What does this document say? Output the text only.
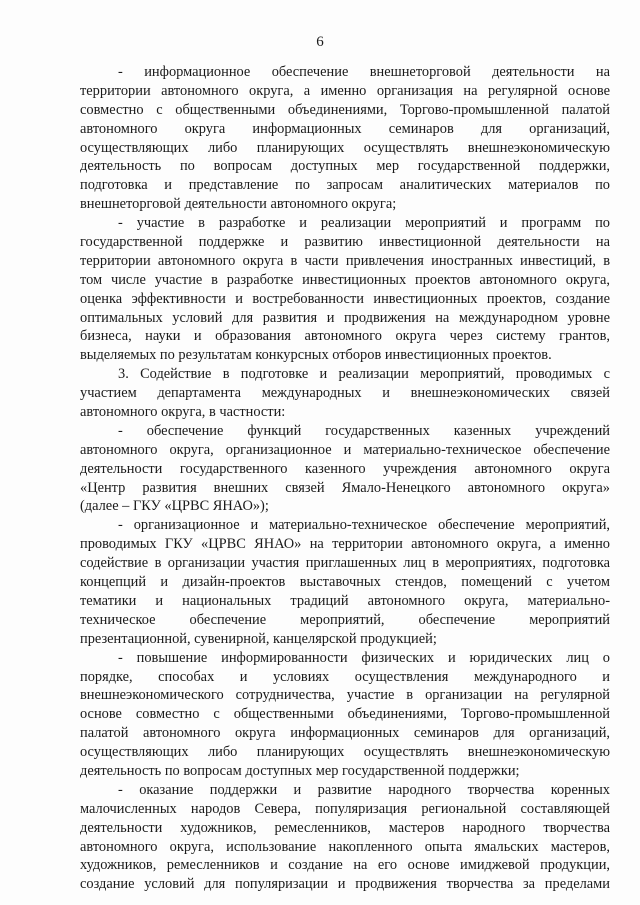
6
- информационное обеспечение внешнеторговой деятельности на
территории автономного округа, а именно организация на регулярной основе
совместно с общественными объединениями, Торгово-промышленной палатой
автономного округа информационных семинаров для организаций,
осуществляющих либо планирующих осуществлять внешнеэкономическую
деятельность по вопросам доступных мер государственной поддержки,
подготовка и представление по запросам аналитических материалов по
внешнеторговой деятельности автономного округа;
- участие в разработке и реализации мероприятий и программ по
государственной поддержке и развитию инвестиционной деятельности на
территории автономного округа в части привлечения иностранных инвестиций, в
том числе участие в разработке инвестиционных проектов автономного округа,
оценка эффективности и востребованности инвестиционных проектов, создание
оптимальных условий для развития и продвижения на международном уровне
бизнеса, науки и образования автономного округа через систему грантов,
выделяемых по результатам конкурсных отборов инвестиционных проектов.
3. Содействие в подготовке и реализации мероприятий, проводимых с
участием департамента международных и внешнеэкономических связей
автономного округа, в частности:
- обеспечение функций государственных казенных учреждений
автономного округа, организационное и материально-техническое обеспечение
деятельности государственного казенного учреждения автономного округа
«Центр развития внешних связей Ямало-Ненецкого автономного округа»
(далее – ГКУ «ЦРВС ЯНАО»);
- организационное и материально-техническое обеспечение мероприятий,
проводимых ГКУ «ЦРВС ЯНАО» на территории автономного округа, а именно
содействие в организации участия приглашенных лиц в мероприятиях, подготовка
концепций и дизайн-проектов выставочных стендов, помещений с учетом
тематики и национальных традиций автономного округа, материально-
техническое обеспечение мероприятий, обеспечение мероприятий
презентационной, сувенирной, канцелярской продукцией;
- повышение информированности физических и юридических лиц о
порядке, способах и условиях осуществления международного и
внешнеэкономического сотрудничества, участие в организации на регулярной
основе совместно с общественными объединениями, Торгово-промышленной
палатой автономного округа информационных семинаров для организаций,
осуществляющих либо планирующих осуществлять внешнеэкономическую
деятельность по вопросам доступных мер государственной поддержки;
- оказание поддержки и развитие народного творчества коренных
малочисленных народов Севера, популяризация региональной составляющей
деятельности художников, ремесленников, мастеров народного творчества
автономного округа, использование накопленного опыта ямальских мастеров,
художников, ремесленников и создание на его основе имиджевой продукции,
создание условий для популяризации и продвижения творчества за пределами
